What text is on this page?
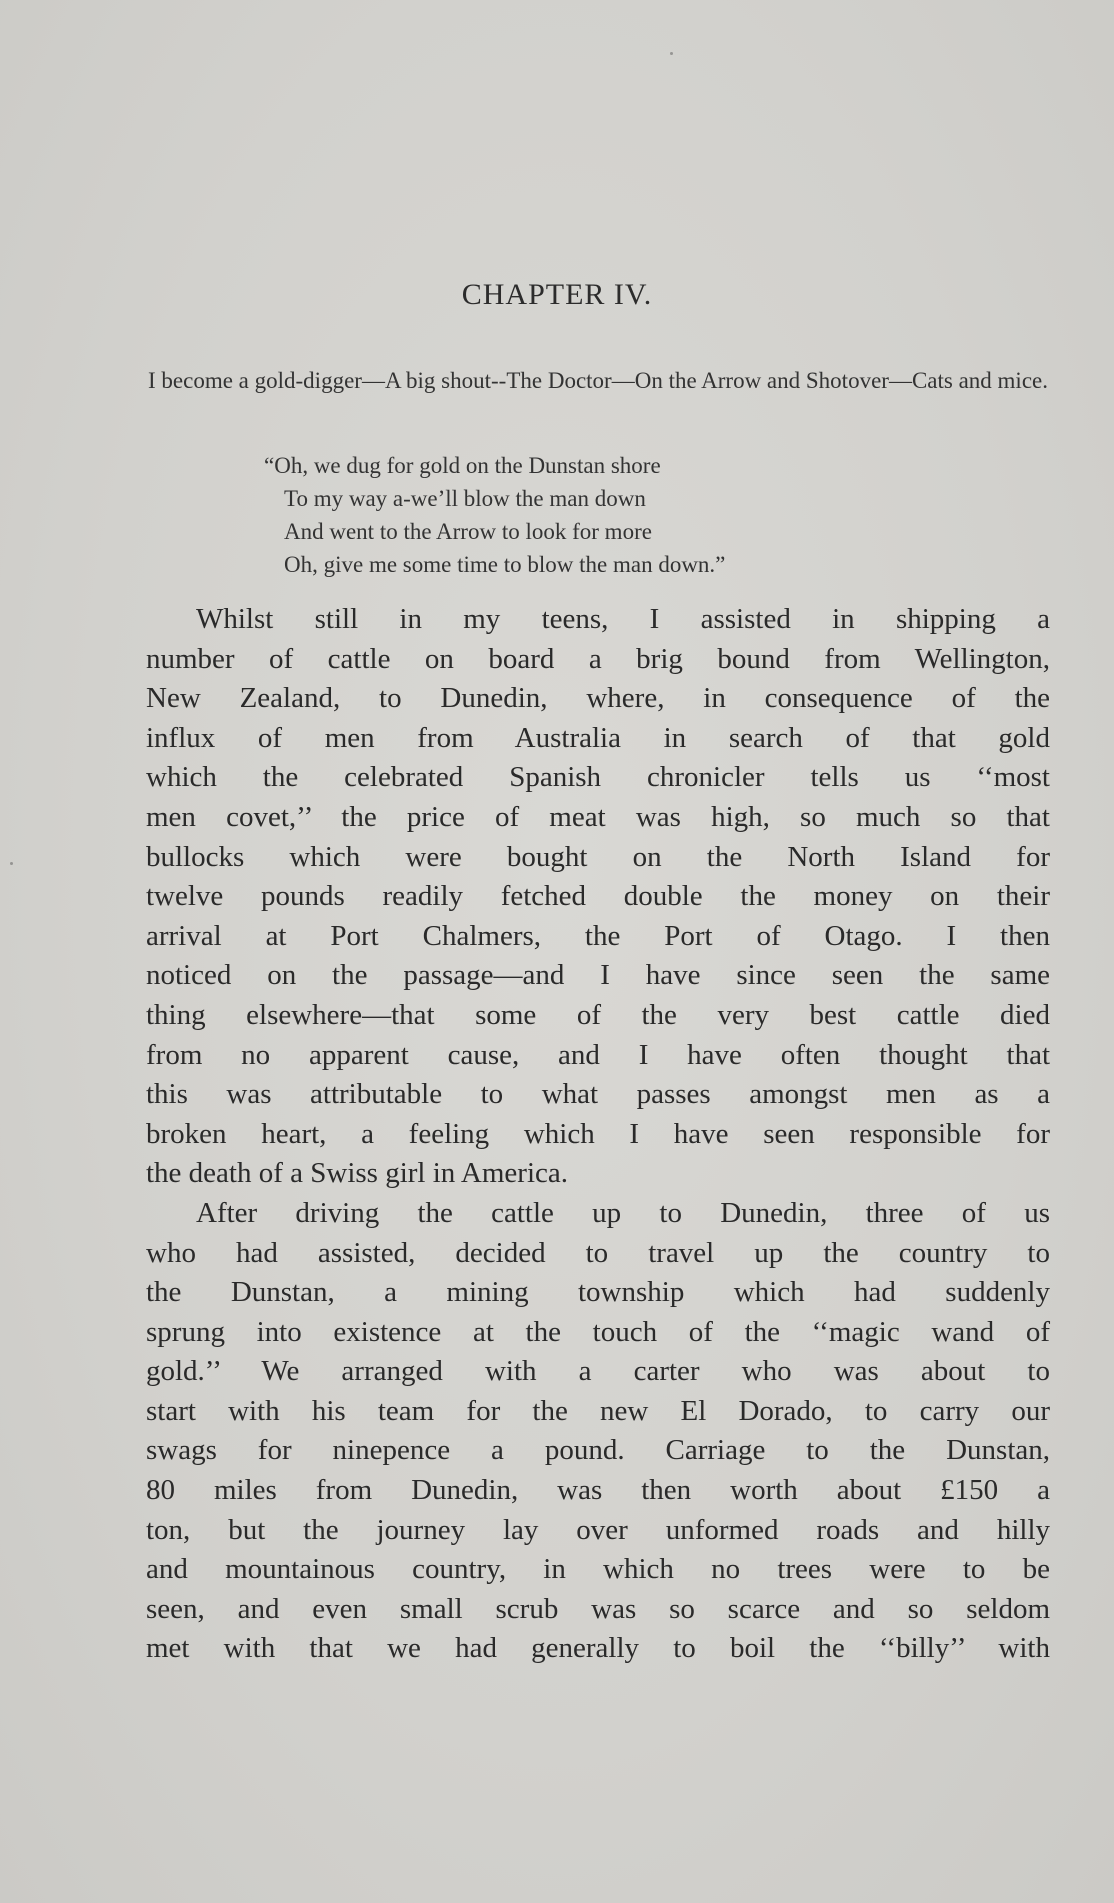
CHAPTER IV.

I become a gold-digger—A big shout--The Doctor—On the Arrow and Shotover—Cats and mice.

“Oh, we dug for gold on the Dunstan shore
To my way a-we’ll blow the man down
And went to the Arrow to look for more
Oh, give me some time to blow the man down.”
Whilst still in my teens, I assisted in shipping a
number of cattle on board a brig bound from Wellington,
New Zealand, to Dunedin, where, in consequence of the
influx of men from Australia in search of that gold
which the celebrated Spanish chronicler tells us ‘‘most
men covet,’’ the price of meat was high, so much so that
bullocks which were bought on the North Island for
twelve pounds readily fetched double the money on their
arrival at Port Chalmers, the Port of Otago. I then
noticed on the passage—and I have since seen the same
thing elsewhere—that some of the very best cattle died
from no apparent cause, and I have often thought that
this was attributable to what passes amongst men as a
broken heart, a feeling which I have seen responsible for
the death of a Swiss girl in America.
After driving the cattle up to Dunedin, three of us
who had assisted, decided to travel up the country to
the Dunstan, a mining township which had suddenly
sprung into existence at the touch of the ‘‘magic wand of
gold.’’ We arranged with a carter who was about to
start with his team for the new El Dorado, to carry our
swags for ninepence a pound. Carriage to the Dunstan,
80 miles from Dunedin, was then worth about £150 a
ton, but the journey lay over unformed roads and hilly
and mountainous country, in which no trees were to be
seen, and even small scrub was so scarce and so seldom
met with that we had generally to boil the ‘‘billy’’ with
